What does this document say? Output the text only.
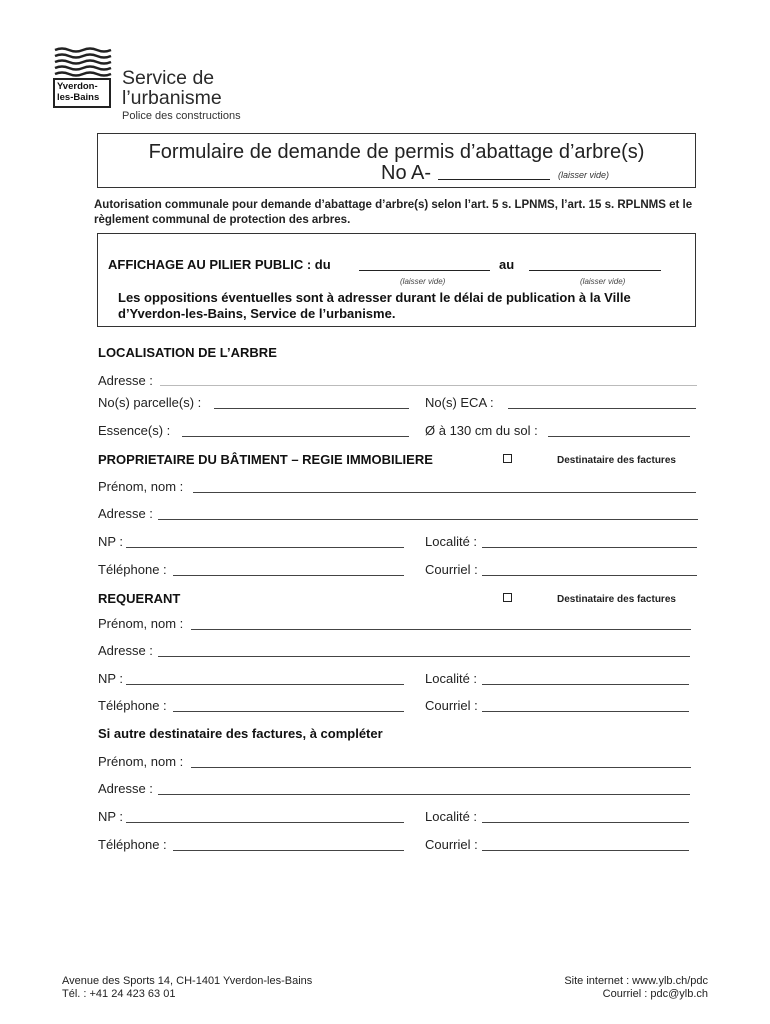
Yverdon-
les-Bains
Service de
l’urbanisme
Police des constructions
Formulaire de demande de permis d’abattage d’arbre(s)
No A-	(laisser vide)
Autorisation communale pour demande d’abattage d’arbre(s) selon l’art. 5 s. LPNMS, l’art. 15 s. RPLNMS et le règlement communal de protection des arbres.
AFFICHAGE AU PILIER PUBLIC : du	au
(laisser vide)	(laisser vide)
Les oppositions éventuelles sont à adresser durant le délai de publication à la Ville d’Yverdon-les-Bains, Service de l’urbanisme.
LOCALISATION DE L’ARBRE
Adresse :
No(s) parcelle(s) :	No(s) ECA :
Essence(s) :	Ø à 130 cm du sol :
PROPRIETAIRE DU BÂTIMENT – REGIE IMMOBILIERE	Destinataire des factures
Prénom, nom :
Adresse :
NP :	Localité :
Téléphone :	Courriel :
REQUERANT	Destinataire des factures
Prénom, nom :
Adresse :
NP :	Localité :
Téléphone :	Courriel :
Si autre destinataire des factures, à compléter
Prénom, nom :
Adresse :
NP :	Localité :
Téléphone :	Courriel :
Avenue des Sports 14, CH-1401 Yverdon-les-Bains
Tél. : +41 24 423 63 01
Site internet : www.ylb.ch/pdc
Courriel : pdc@ylb.ch
